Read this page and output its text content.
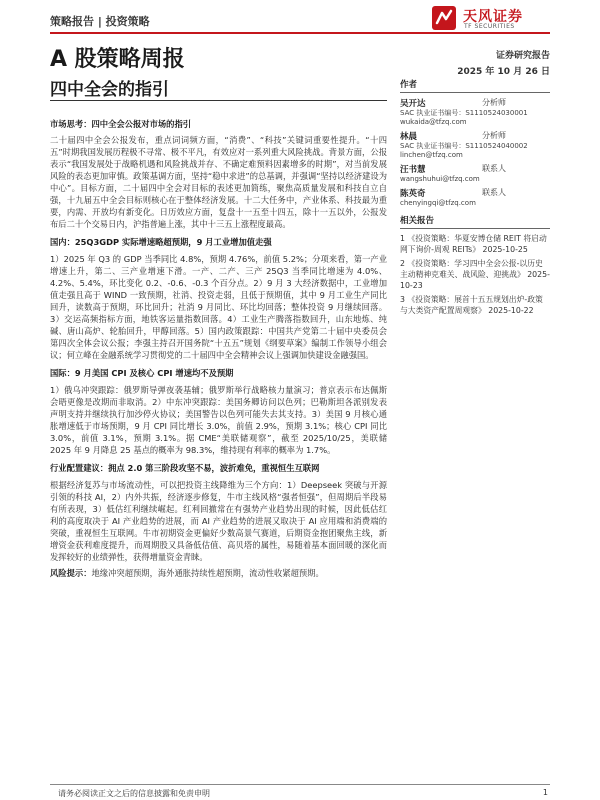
策略报告 | 投资策略	天风证券
TF SECURITIES
A 股策略周报
四中全会的指引
证券研究报告
2025 年 10 月 26 日
市场思考：四中全会公报对市场的指引
二十届四中全会公报发布，重点词词频方面，“消费”、“科技”关键词重要性提升。“十四五”时期我国发展历程极不寻常、极不平凡，有效应对一系列重大风险挑战。背景方面，公报表示“我国发展处于战略机遇和风险挑战并存、不确定难预料因素增多的时期”，对当前发展风险的表态更加审慎。政策基调方面，坚持“稳中求进”的总基调，并强调“坚持以经济建设为中心”。目标方面，二十届四中全会对目标的表述更加简练，聚焦高质量发展和科技自立自强，十九届五中全会目标则核心在于整体经济发展。十二大任务中，产业体系、科技最为重要，内需、开放均有新变化。日历效应方面，复盘十一五至十四五，除十一五以外，公报发布后二十个交易日内，沪指普遍上涨，其中十三五上涨程度最高。
国内：25Q3GDP 实际增速略超预期，9 月工业增加值走强
1）2025 年 Q3 的 GDP 当季同比 4.8%，预期 4.76%，前值 5.2%；分项来看，第一产业增速上升，第二、三产业增速下滑。一产、二产、三产 25Q3 当季同比增速为 4.0%、4.2%、5.4%，环比变化 0.2、-0.6、-0.3 个百分点。2）9 月 3 大经济数据中，工业增加值走强且高于 WIND 一致预期，社消、投资走弱，且低于预期值，其中 9 月工业生产同比回升，读数高于预期，环比回升；社消 9 月同比、环比均回落；整体投资 9 月继续回落。3）交运高频指标方面，地铁客运量指数回落。4）工业生产腾落指数回升，山东地炼、纯碱、唐山高炉、轮胎回升，甲醇回落。5）国内政策跟踪：中国共产党第二十届中央委员会第四次全体会议公报；李强主持召开国务院“十五五”规划《纲要草案》编制工作领导小组会议；何立峰在金融系统学习贯彻党的二十届四中全会精神会议上强调加快建设金融强国。
国际：9 月美国 CPI 及核心 CPI 增速均不及预期
1）俄乌冲突跟踪：俄罗斯导弹夜袭基辅；俄罗斯举行战略核力量演习；普京表示布达佩斯会晤更像是改期而非取消。2）中东冲突跟踪：美国务卿访问以色列；巴勒斯坦各派别发表声明支持并继续执行加沙停火协议；美国警告以色列可能失去其支持。3）美国 9 月核心通胀增速低于市场预期，9 月 CPI 同比增长 3.0%，前值 2.9%，预期 3.1%；核心 CPI 同比 3.0%，前值 3.1%，预期 3.1%。据 CME“美联储观察”，截至 2025/10/25，美联储 2025 年 9 月降息 25 基点的概率为 98.3%，维持现有利率的概率为 1.7%。
行业配置建议：拥点 2.0 第三阶段攻坚不易，波折难免，重视恒生互联网
根据经济复苏与市场流动性，可以把投资主线降维为三个方向：1）Deepseek 突破与开源引领的科技 AI，2）内外共振，经济逐步修复，牛市主线风格“强者恒强”，但周期后半段易有所表现，3）低估红利继续崛起。红利回撤常在有强势产业趋势出现的时候，因此低估红利的高度取决于 AI 产业趋势的进展，而 AI 产业趋势的进展又取决于 AI 应用端和消费端的突破，重视恒生互联网。牛市初期资金更偏好少数高景气赛道，后期资金抱团聚焦主线，新增资金获利难度提升，而周期股又具备低估值、高贝塔的属性，易随着基本面回暖的深化而发挥较好的业绩弹性，获得增量资金青睐。
风险提示：地缘冲突超预期，海外通胀持续性超预期，流动性收紧超预期。
作者
吴开达	分析师
SAC 执业证书编号：S1110524030001
wukaida@tfzq.com
林晨	分析师
SAC 执业证书编号：S1110524040002
linchen@tfzq.com
汪书慧	联系人
wangshuhui@tfzq.com
陈英奇	联系人
chenyingqi@tfzq.com
相关报告
1 《投资策略：华夏安博仓储 REIT 将启动网下询价-周观 REITs》 2025-10-25
2 《投资策略：学习四中全会公报-以历史主动精神克难关、战风险、迎挑战》 2025-10-23
3 《投资策略：展首十五五规划出炉-政策与大类资产配置周观察》 2025-10-22
请务必阅读正文之后的信息披露和免责申明	1
